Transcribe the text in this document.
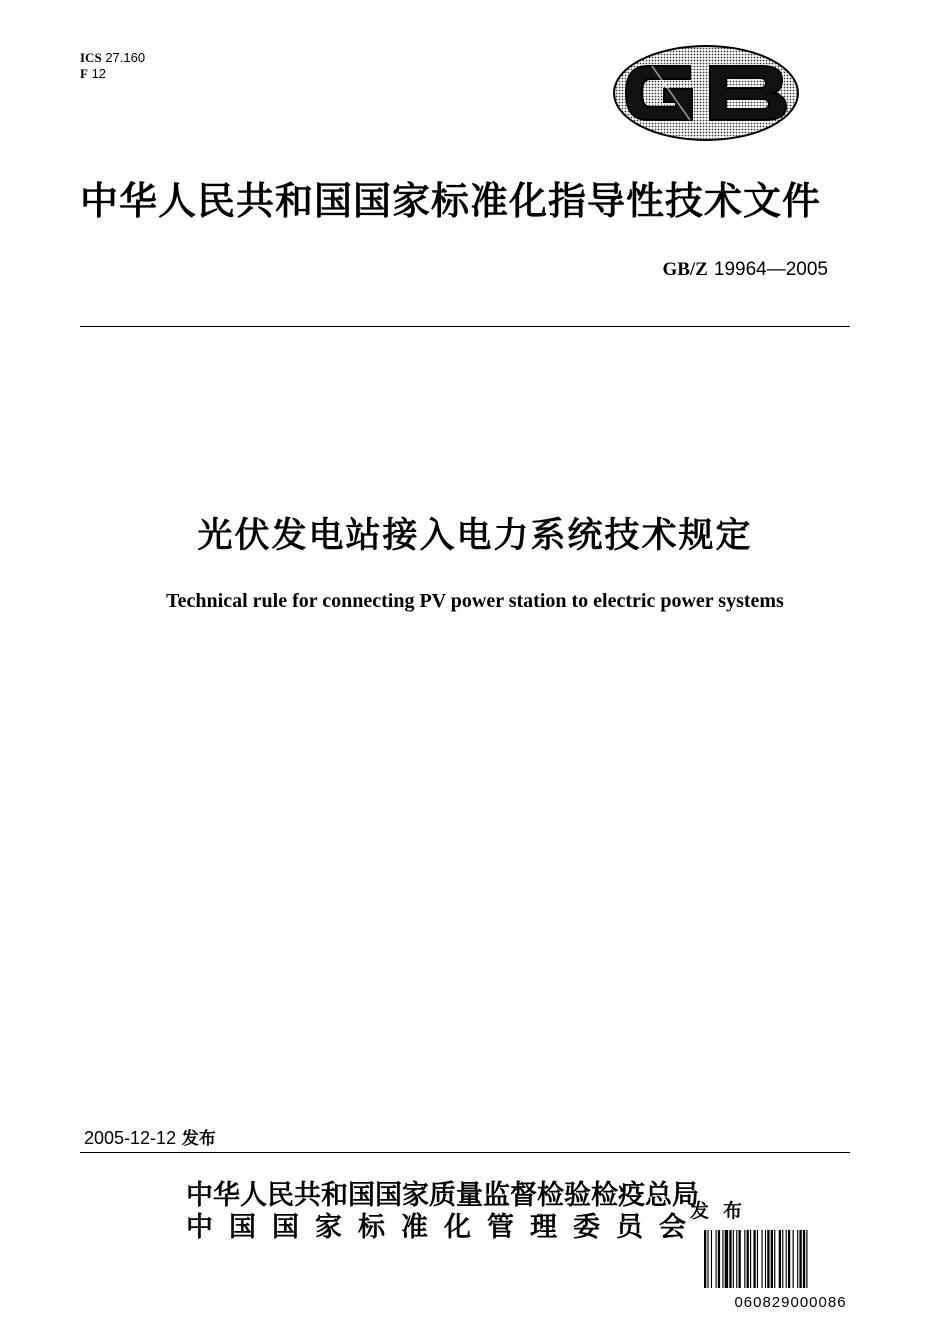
ICS 27.160
F 12
中华人民共和国国家标准化指导性技术文件
GB/Z 19964—2005
光伏发电站接入电力系统技术规定
Technical rule for connecting PV power station to electric power systems
2005-12-12 发布
中华人民共和国国家质量监督检验检疫总局
中国国家标准化管理委员会
发布
060829000086
